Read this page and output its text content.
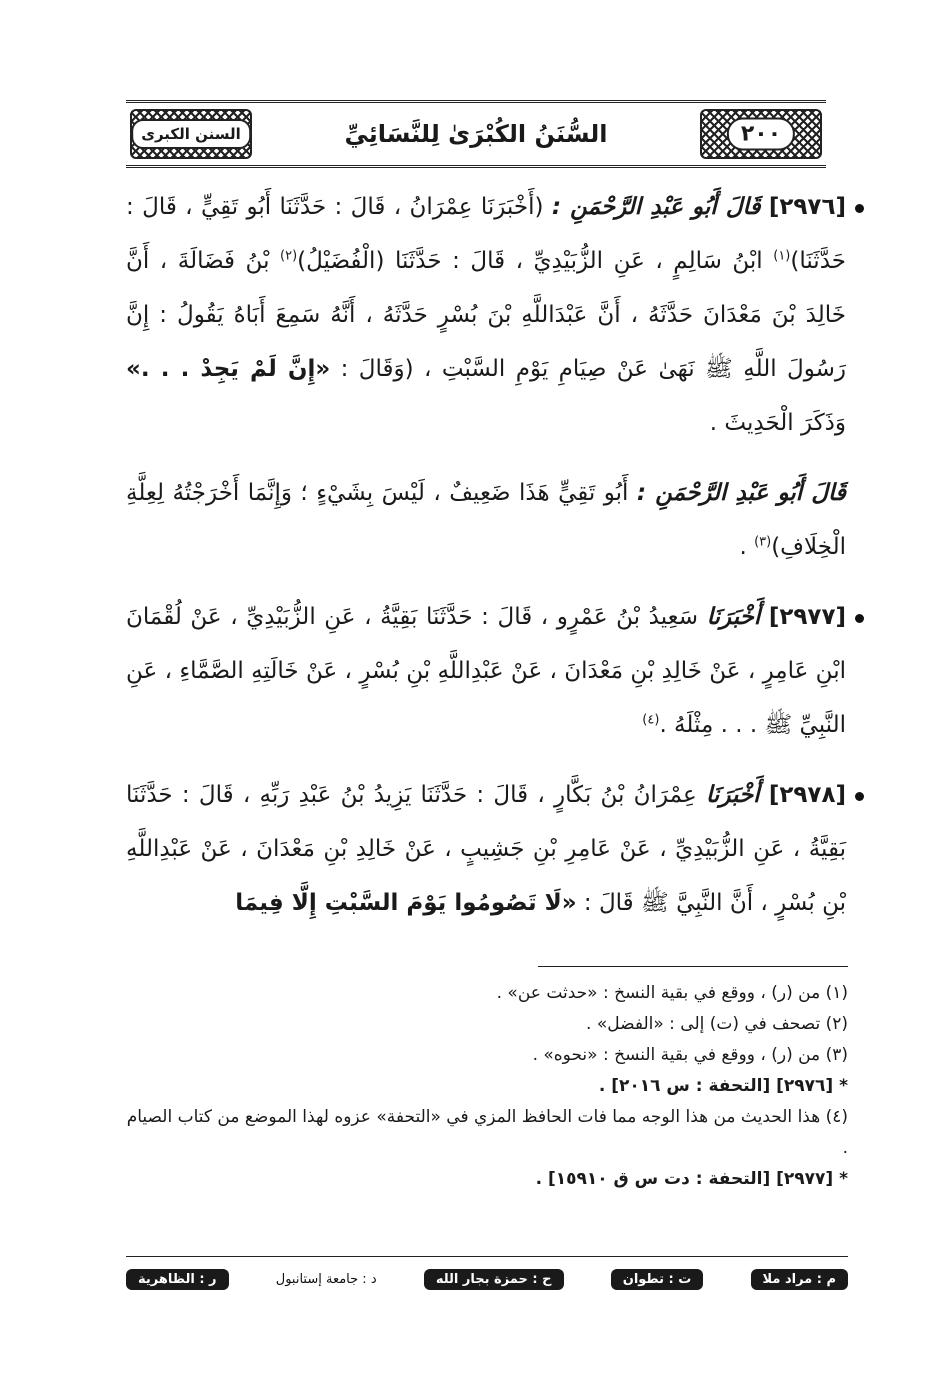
٢٠٠
السُّنَنُ الكُبْرَىٰ لِلنَّسَائِيِّ
السنن الكبرى

[٢٩٧٦] قَالَ أَبُو عَبْدِ الرَّحْمَنِ : (أَخْبَرَنَا عِمْرَانُ ، قَالَ : حَدَّثَنَا أَبُو تَقِيٍّ ، قَالَ : حَدَّثَنَا)$^{(١)}$ ابْنُ سَالِمٍ ، عَنِ الزُّبَيْدِيِّ ، قَالَ : حَدَّثَنَا (الْفُضَيْلُ)$^{(٢)}$ بْنُ فَضَالَةَ ، أَنَّ خَالِدَ بْنَ مَعْدَانَ حَدَّثَهُ ، أَنَّ عَبْدَاللَّهِ بْنَ بُسْرٍ حَدَّثَهُ ، أَنَّهُ سَمِعَ أَبَاهُ يَقُولُ : إِنَّ رَسُولَ اللَّهِ ﷺ نَهَىٰ عَنْ صِيَامِ يَوْمِ السَّبْتِ ، (وَقَالَ : «إِنَّ لَمْ يَجِدْ . . .» وَذَكَرَ الْحَدِيثَ .

قَالَ أَبُو عَبْدِ الرَّحْمَنِ : أَبُو تَقِيٍّ هَذَا ضَعِيفٌ ، لَيْسَ بِشَيْءٍ ؛ وَإِنَّمَا أَخْرَجْتُهُ لِعِلَّةِ الْخِلَافِ)$^{(٣)}$ .

[٢٩٧٧] أَخْبَرَنَا سَعِيدُ بْنُ عَمْرٍو ، قَالَ : حَدَّثَنَا بَقِيَّةُ ، عَنِ الزُّبَيْدِيِّ ، عَنْ لُقْمَانَ ابْنِ عَامِرٍ ، عَنْ خَالِدِ بْنِ مَعْدَانَ ، عَنْ عَبْدِاللَّهِ بْنِ بُسْرٍ ، عَنْ خَالَتِهِ الصَّمَّاءِ ، عَنِ النَّبِيِّ ﷺ . . . مِثْلَهُ .$^{(٤)}$

[٢٩٧٨] أَخْبَرَنَا عِمْرَانُ بْنُ بَكَّارٍ ، قَالَ : حَدَّثَنَا يَزِيدُ بْنُ عَبْدِ رَبِّهِ ، قَالَ : حَدَّثَنَا بَقِيَّةُ ، عَنِ الزُّبَيْدِيِّ ، عَنْ عَامِرِ بْنِ جَشِيبٍ ، عَنْ خَالِدِ بْنِ مَعْدَانَ ، عَنْ عَبْدِاللَّهِ بْنِ بُسْرٍ ، أَنَّ النَّبِيَّ ﷺ قَالَ : «لَا تَصُومُوا يَوْمَ السَّبْتِ إِلَّا فِيمَا

(١) من (ر) ، ووقع في بقية النسخ : «حدثت عن» .

(٢) تصحف في (ت) إلى : «الفضل» .

(٣) من (ر) ، ووقع في بقية النسخ : «نحوه» .

* [٢٩٧٦] [التحفة : س ٢٠١٦] .

(٤) هذا الحديث من هذا الوجه مما فات الحافظ المزي في «التحفة» عزوه لهذا الموضع من كتاب الصيام .

* [٢٩٧٧] [التحفة : دت س ق ١٥٩١٠] .

م : مراد ملا
ت : تطوان
ح : حمزة بجار الله
د : جامعة إستانبول
ر : الظاهرية
